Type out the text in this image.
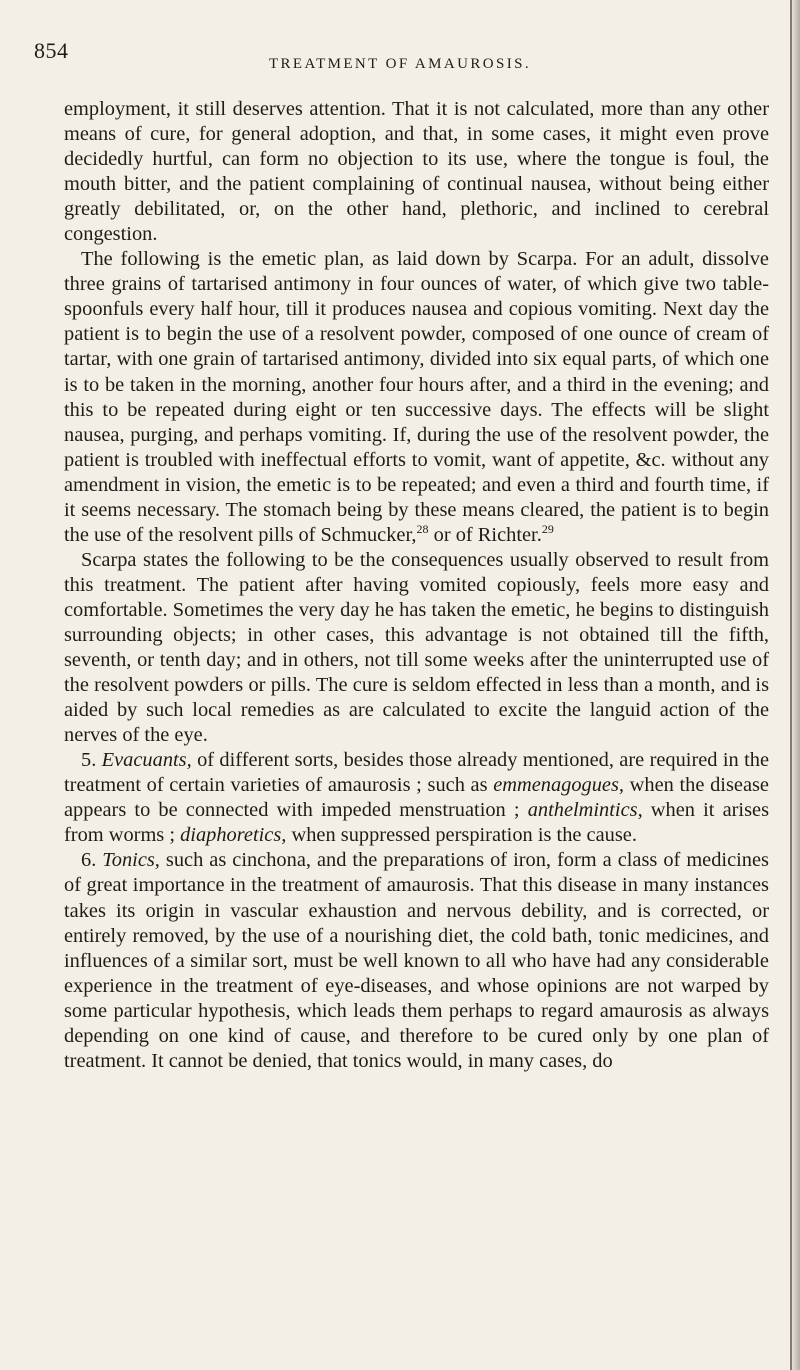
854
TREATMENT OF AMAUROSIS.

employment, it still deserves attention. That it is not calculated, more than any other means of cure, for general adoption, and that, in some cases, it might even prove decidedly hurtful, can form no objection to its use, where the tongue is foul, the mouth bitter, and the patient complaining of continual nausea, without being either greatly debilitated, or, on the other hand, plethoric, and inclined to cerebral congestion.

The following is the emetic plan, as laid down by Scarpa. For an adult, dissolve three grains of tartarised antimony in four ounces of water, of which give two table-spoonfuls every half hour, till it produces nausea and copious vomiting. Next day the patient is to begin the use of a resolvent powder, composed of one ounce of cream of tartar, with one grain of tartarised antimony, divided into six equal parts, of which one is to be taken in the morning, another four hours after, and a third in the evening; and this to be repeated during eight or ten successive days. The effects will be slight nausea, purging, and perhaps vomiting. If, during the use of the resolvent powder, the patient is troubled with ineffectual efforts to vomit, want of appetite, &c. without any amendment in vision, the emetic is to be repeated; and even a third and fourth time, if it seems necessary. The stomach being by these means cleared, the patient is to begin the use of the resolvent pills of Schmucker,$^{28}$ or of Richter.$^{29}$

Scarpa states the following to be the consequences usually observed to result from this treatment. The patient after having vomited copiously, feels more easy and comfortable. Sometimes the very day he has taken the emetic, he begins to distinguish surrounding objects; in other cases, this advantage is not obtained till the fifth, seventh, or tenth day; and in others, not till some weeks after the uninterrupted use of the resolvent powders or pills. The cure is seldom effected in less than a month, and is aided by such local remedies as are calculated to excite the languid action of the nerves of the eye.

5. Evacuants, of different sorts, besides those already mentioned, are required in the treatment of certain varieties of amaurosis ; such as emmenagogues, when the disease appears to be connected with impeded menstruation ; anthelmintics, when it arises from worms ; diaphoretics, when suppressed perspiration is the cause.

6. Tonics, such as cinchona, and the preparations of iron, form a class of medicines of great importance in the treatment of amaurosis. That this disease in many instances takes its origin in vascular exhaustion and nervous debility, and is corrected, or entirely removed, by the use of a nourishing diet, the cold bath, tonic medicines, and influences of a similar sort, must be well known to all who have had any considerable experience in the treatment of eye-diseases, and whose opinions are not warped by some particular hypothesis, which leads them perhaps to regard amaurosis as always depending on one kind of cause, and therefore to be cured only by one plan of treatment. It cannot be denied, that tonics would, in many cases, do
